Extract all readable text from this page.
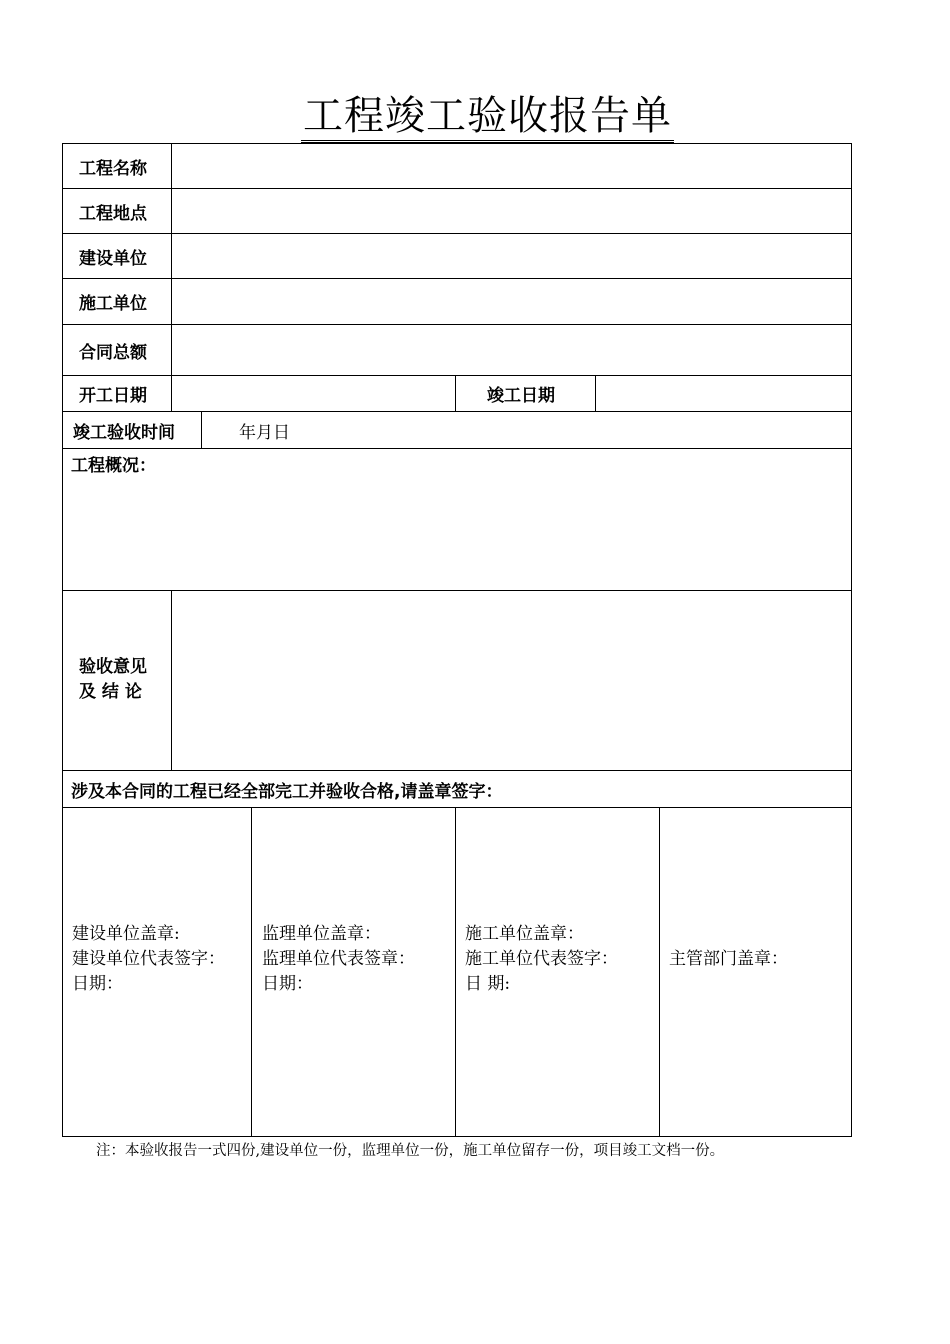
工程竣工验收报告单
工程名称
工程地点
建设单位
施工单位
合同总额
开工日期	竣工日期
竣工验收时间	年月日
工程概况：
验收意见
及 结 论
涉及本合同的工程已经全部完工并验收合格,请盖章签字：
建设单位盖章:
建设单位代表签字：
日期：
监理单位盖章：
监理单位代表签章：
日期：
施工单位盖章：
施工单位代表签字：
日 期:
主管部门盖章：
注：本验收报告一式四份,建设单位一份，监理单位一份，施工单位留存一份，项目竣工文档一份。
